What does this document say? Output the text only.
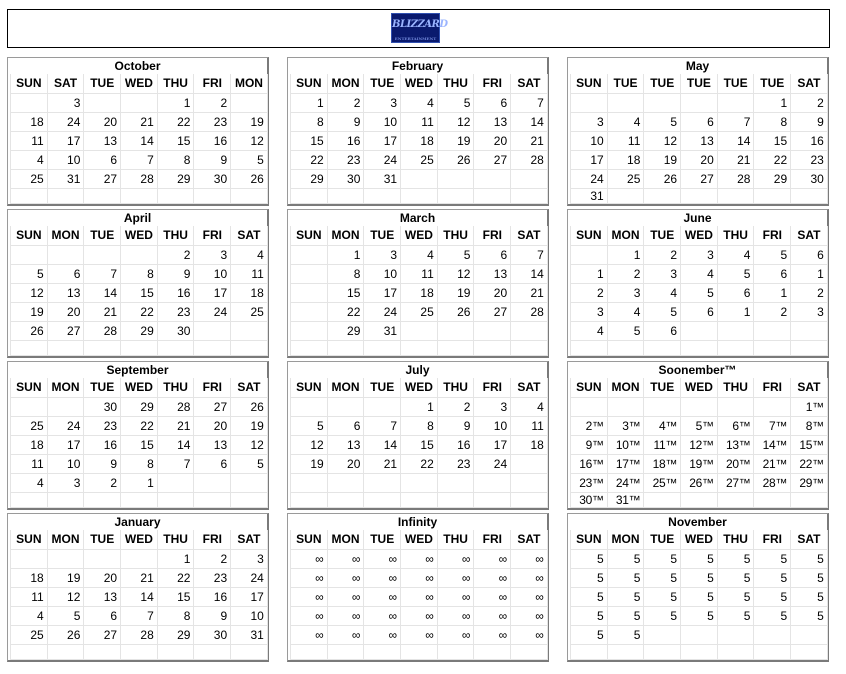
BLIZZARD
ENTERTAINMENT
October
SUN	SAT	TUE	WED	THU	FRI	MON
	3			1	2	
18	24	20	21	22	23	19
11	17	13	14	15	16	12
4	10	6	7	8	9	5
25	31	27	28	29	30	26

February
SUN	MON	TUE	WED	THU	FRI	SAT
1	2	3	4	5	6	7
8	9	10	11	12	13	14
15	16	17	18	19	20	21
22	23	24	25	26	27	28
29	30	31				

May
SUN	TUE	TUE	TUE	TUE	TUE	SAT
					1	2
3	4	5	6	7	8	9
10	11	12	13	14	15	16
17	18	19	20	21	22	23
24	25	26	27	28	29	30
31						
April
SUN	MON	TUE	WED	THU	FRI	SAT
				2	3	4
5	6	7	8	9	10	11
12	13	14	15	16	17	18
19	20	21	22	23	24	25
26	27	28	29	30		

March
SUN	MON	TUE	WED	THU	FRI	SAT
	1	3	4	5	6	7
	8	10	11	12	13	14
	15	17	18	19	20	21
	22	24	25	26	27	28
	29	31				

June
SUN	MON	TUE	WED	THU	FRI	SAT
	1	2	3	4	5	6
1	2	3	4	5	6	1
2	3	4	5	6	1	2
3	4	5	6	1	2	3
4	5	6				

September
SUN	MON	TUE	WED	THU	FRI	SAT
		30	29	28	27	26
25	24	23	22	21	20	19
18	17	16	15	14	13	12
11	10	9	8	7	6	5
4	3	2	1			

July
SUN	MON	TUE	WED	THU	FRI	SAT
			1	2	3	4
5	6	7	8	9	10	11
12	13	14	15	16	17	18
19	20	21	22	23	24	

Soonember™
SUN	MON	TUE	WED	THU	FRI	SAT
						1™
2™	3™	4™	5™	6™	7™	8™
9™	10™	11™	12™	13™	14™	15™
16™	17™	18™	19™	20™	21™	22™
23™	24™	25™	26™	27™	28™	29™
30™	31™					
January
SUN	MON	TUE	WED	THU	FRI	SAT
				1	2	3
18	19	20	21	22	23	24
11	12	13	14	15	16	17
4	5	6	7	8	9	10
25	26	27	28	29	30	31

Infinity
SUN	MON	TUE	WED	THU	FRI	SAT
∞	∞	∞	∞	∞	∞	∞
∞	∞	∞	∞	∞	∞	∞
∞	∞	∞	∞	∞	∞	∞
∞	∞	∞	∞	∞	∞	∞
∞	∞	∞	∞	∞	∞	∞

November
SUN	MON	TUE	WED	THU	FRI	SAT
5	5	5	5	5	5	5
5	5	5	5	5	5	5
5	5	5	5	5	5	5
5	5	5	5	5	5	5
5	5					
